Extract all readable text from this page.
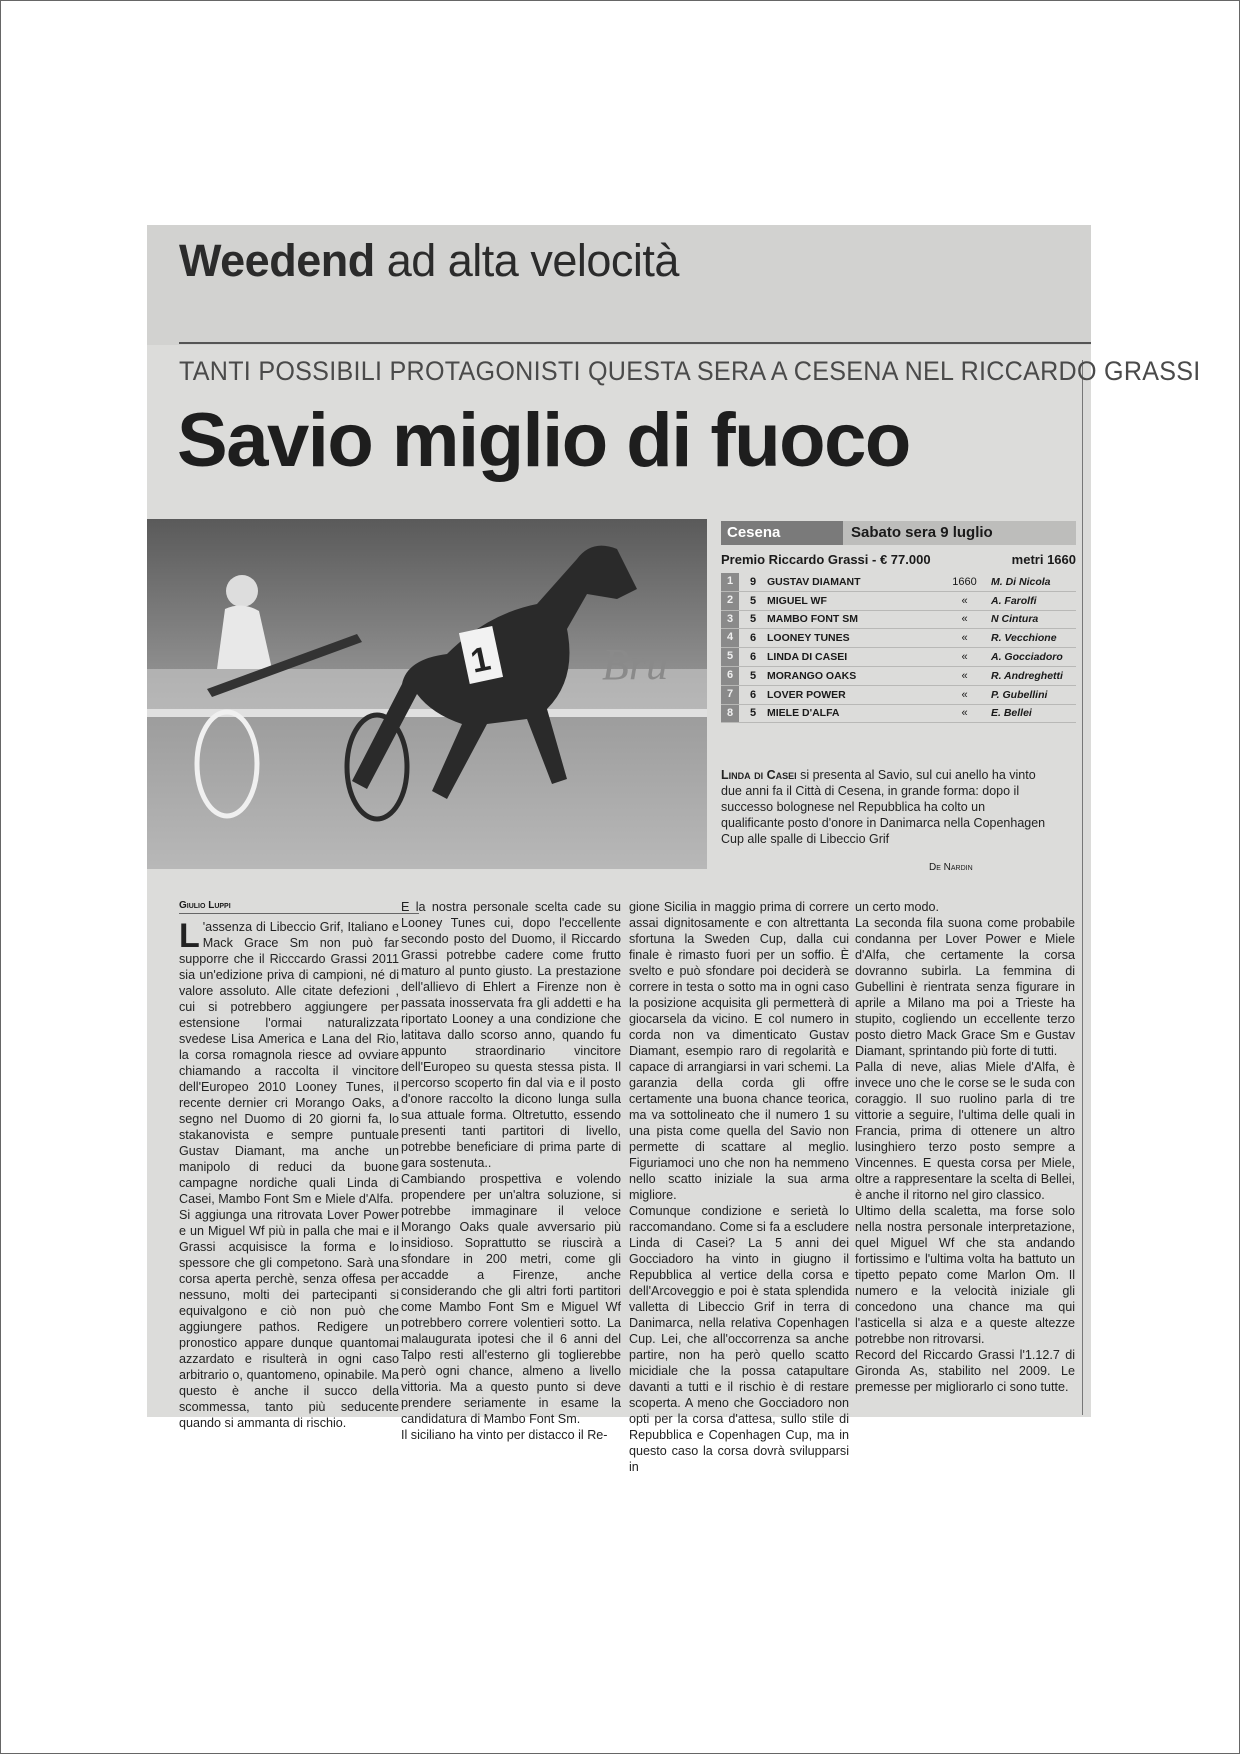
Weedend ad alta velocità
TANTI POSSIBILI PROTAGONISTI QUESTA SERA A CESENA NEL RICCARDO GRASSI
Savio miglio di fuoco
Bru
1
Cesena	Sabato sera 9 luglio
Premio Riccardo Grassi - € 77.000	metri 1660
1	9	GUSTAV DIAMANT	1660	M. Di Nicola
2	5	MIGUEL WF	«	A. Farolfi
3	5	MAMBO FONT SM	«	N Cintura
4	6	LOONEY TUNES	«	R. Vecchione
5	6	LINDA DI CASEI	«	A. Gocciadoro
6	5	MORANGO OAKS	«	R. Andreghetti
7	6	LOVER POWER	«	P. Gubellini
8	5	MIELE D'ALFA	«	E. Bellei
Linda di Casei si presenta al Savio, sul cui anello ha vinto due anni fa il Città di Cesena, in grande forma: dopo il successo bolognese nel Repubblica ha colto un qualificante posto d'onore in Danimarca nella Copenhagen Cup alle spalle di Libeccio Grif
De Nardin
Giulio Luppi

L 'assenza di Libeccio Grif, Italiano e Mack Grace Sm non può far supporre che il Ricccardo Grassi 2011 sia un'edizione priva di campioni, né di valore assoluto. Alle citate defezioni , cui si potrebbero aggiungere per estensione l'ormai naturalizzata svedese Lisa America e Lana del Rio, la corsa romagnola riesce ad ovviare chiamando a raccolta il vincitore dell'Europeo 2010 Looney Tunes, il recente dernier cri Morango Oaks, a segno nel Duomo di 20 giorni fa, lo stakanovista e sempre puntuale Gustav Diamant, ma anche un manipolo di reduci da buone campagne nordiche quali Linda di Casei, Mambo Font Sm e Miele d'Alfa.

Si aggiunga una ritrovata Lover Power e un Miguel Wf più in palla che mai e il Grassi acquisisce la forma e lo spessore che gli competono. Sarà una corsa aperta perchè, senza offesa per nessuno, molti dei partecipanti si equivalgono e ciò non può che aggiungere pathos. Redigere un pronostico appare dunque quantomai azzardato e risulterà in ogni caso arbitrario o, quantomeno, opinabile. Ma questo è anche il succo della scommessa, tanto più seducente quando si ammanta di rischio.

E la nostra personale scelta cade su Looney Tunes cui, dopo l'eccellente secondo posto del Duomo, il Riccardo Grassi potrebbe cadere come frutto maturo al punto giusto. La prestazione dell'allievo di Ehlert a Firenze non è passata inosservata fra gli addetti e ha riportato Looney a una condizione che latitava dallo scorso anno, quando fu appunto straordinario vincitore dell'Europeo su questa stessa pista. Il percorso scoperto fin dal via e il posto d'onore raccolto la dicono lunga sulla sua attuale forma. Oltretutto, essendo presenti tanti partitori di livello, potrebbe beneficiare di prima parte di gara sostenuta..

Cambiando prospettiva e volendo propendere per un'altra soluzione, si potrebbe immaginare il veloce Morango Oaks quale avversario più insidioso. Soprattutto se riuscirà a sfondare in 200 metri, come gli accadde a Firenze, anche considerando che gli altri forti partitori come Mambo Font Sm e Miguel Wf potrebbero correre volentieri sotto. La malaugurata ipotesi che il 6 anni del Talpo resti all'esterno gli toglierebbe però ogni chance, almeno a livello vittoria. Ma a questo punto si deve prendere seriamente in esame la candidatura di Mambo Font Sm.

Il siciliano ha vinto per distacco il Re-

gione Sicilia in maggio prima di correre assai dignitosamente e con altrettanta sfortuna la Sweden Cup, dalla cui finale è rimasto fuori per un soffio. È svelto e può sfondare poi deciderà se correre in testa o sotto ma in ogni caso la posizione acquisita gli permetterà di giocarsela da vicino. E col numero in corda non va dimenticato Gustav Diamant, esempio raro di regolarità e capace di arrangiarsi in vari schemi. La garanzia della corda gli offre certamente una buona chance teorica, ma va sottolineato che il numero 1 su una pista come quella del Savio non permette di scattare al meglio. Figuriamoci uno che non ha nemmeno nello scatto iniziale la sua arma migliore.

Comunque condizione e serietà lo raccomandano. Come si fa a escludere Linda di Casei? La 5 anni dei Gocciadoro ha vinto in giugno il Repubblica al vertice della corsa e dell'Arcoveggio e poi è stata splendida valletta di Libeccio Grif in terra di Danimarca, nella relativa Copenhagen Cup. Lei, che all'occorrenza sa anche partire, non ha però quello scatto micidiale che la possa catapultare davanti a tutti e il rischio è di restare scoperta. A meno che Gocciadoro non opti per la corsa d'attesa, sullo stile di Repubblica e Copenhagen Cup, ma in questo caso la corsa dovrà svilupparsi in

un certo modo.

La seconda fila suona come probabile condanna per Lover Power e Miele d'Alfa, che certamente la corsa dovranno subirla. La femmina di Gubellini è rientrata senza figurare in aprile a Milano ma poi a Trieste ha stupito, cogliendo un eccellente terzo posto dietro Mack Grace Sm e Gustav Diamant, sprintando più forte di tutti.

Palla di neve, alias Miele d'Alfa, è invece uno che le corse se le suda con coraggio. Il suo ruolino parla di tre vittorie a seguire, l'ultima delle quali in Francia, prima di ottenere un altro lusinghiero terzo posto sempre a Vincennes. E questa corsa per Miele, oltre a rappresentare la scelta di Bellei, è anche il ritorno nel giro classico.

Ultimo della scaletta, ma forse solo nella nostra personale interpretazione, quel Miguel Wf che sta andando fortissimo e l'ultima volta ha battuto un tipetto pepato come Marlon Om. Il numero e la velocità iniziale gli concedono una chance ma qui l'asticella si alza e a queste altezze potrebbe non ritrovarsi.

Record del Riccardo Grassi l'1.12.7 di Gironda As, stabilito nel 2009. Le premesse per migliorarlo ci sono tutte.
